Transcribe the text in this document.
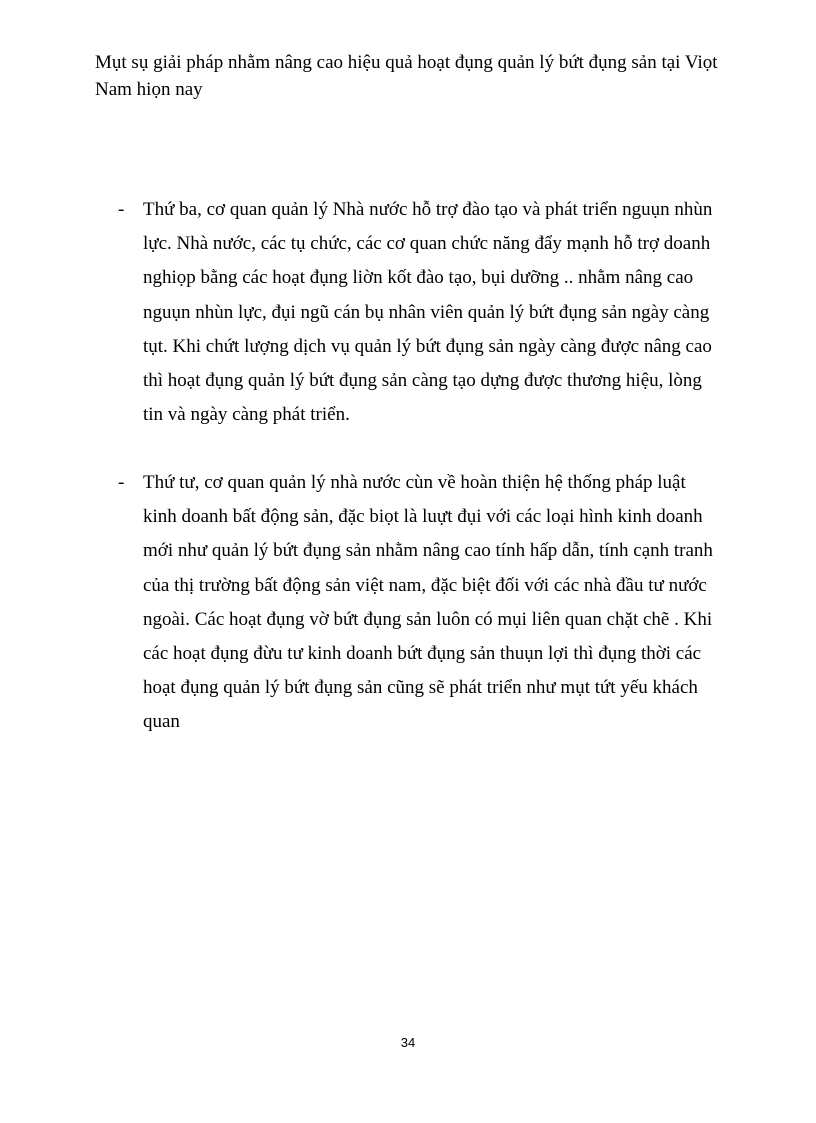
Mụt sụ giải pháp nhằm nâng cao hiệu quả hoạt đụng quản lý bứt đụng sản tại Viọt Nam hiọn nay
- Thứ ba, cơ quan quản lý Nhà nước hỗ trợ đào tạo và phát triển nguụn nhùn lực. Nhà nước, các tụ chức, các cơ quan chức năng đẩy mạnh hỗ trợ doanh nghiọp bằng các hoạt đụng liờn kốt đào tạo, bụi dưỡng .. nhằm nâng cao nguụn nhùn lực, đụi ngũ cán bụ nhân viên quản lý bứt đụng sản ngày càng tụt. Khi chứt lượng dịch vụ quản lý bứt đụng sản ngày càng được nâng cao thì hoạt đụng quản lý bứt đụng sản càng tạo dựng được thương hiệu, lòng tin và ngày càng phát triển.
- Thứ tư, cơ quan quản lý nhà nước cùn về hoàn thiện hệ thống pháp luật kinh doanh bất động sản, đặc biọt là luựt đụi với các loại hình kinh doanh mới như quản lý bứt đụng sản nhằm nâng cao tính hấp dẫn, tính cạnh tranh của thị trường bất động sản việt nam, đặc biệt đối với các nhà đầu tư nước ngoài. Các hoạt đụng vờ bứt đụng sản luôn có mụi liên quan chặt chẽ . Khi các hoạt đụng đừu tư kinh doanh bứt đụng sản thuụn lợi thì đụng thời các hoạt đụng quản lý bứt đụng sản cũng sẽ phát triển như mụt tứt yếu khách quan
34
